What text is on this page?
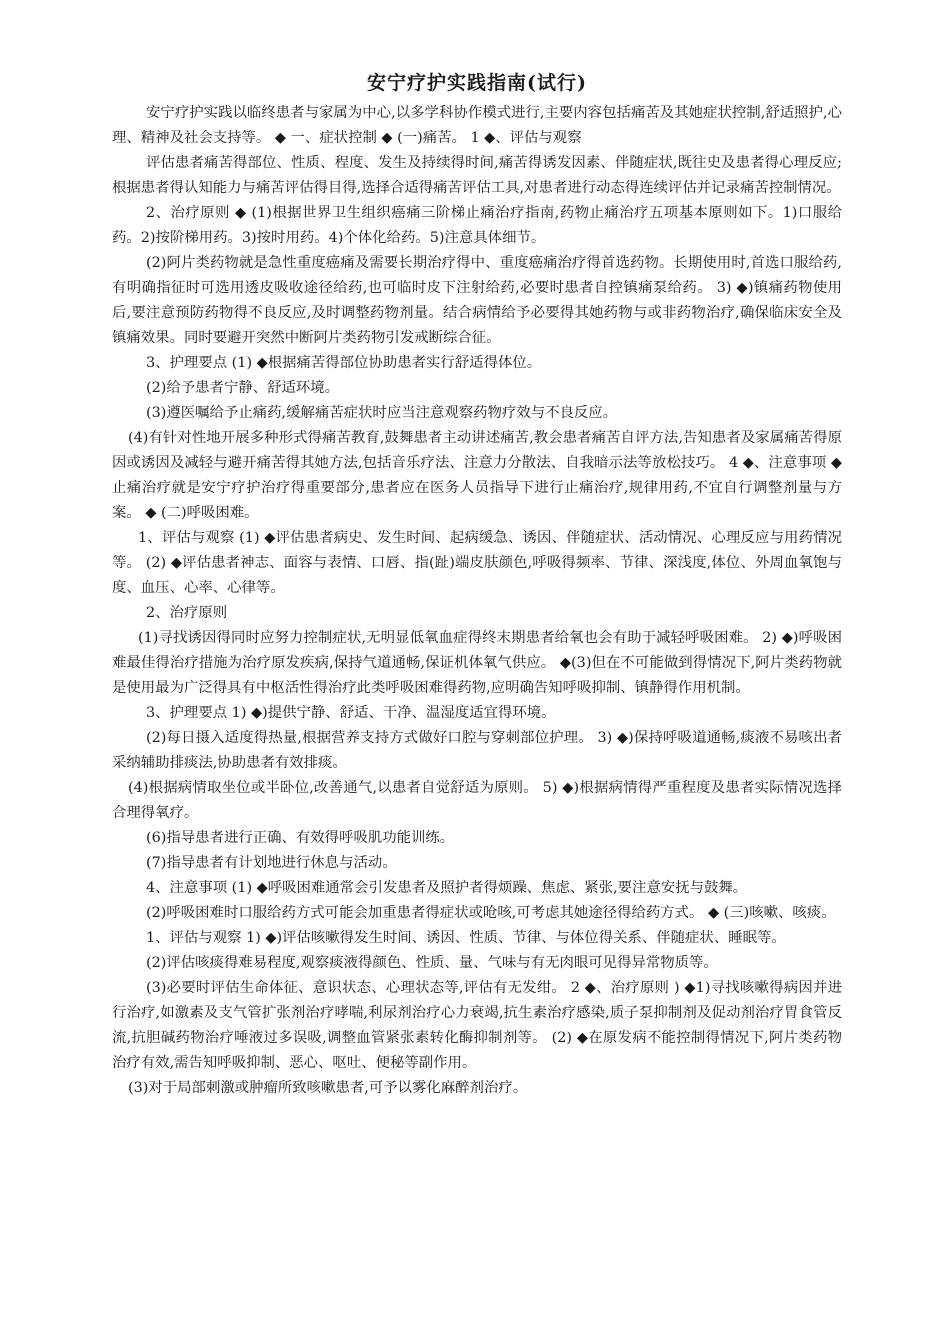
安宁疗护实践指南(试行)

安宁疗护实践以临终患者与家属为中心,以多学科协作模式进行,主要内容包括痛苦及其她症状控制,舒适照护,心理、精神及社会支持等。 ◆ 一、症状控制 ◆ (一)痛苦。 1 ◆、评估与观察

评估患者痛苦得部位、性质、程度、发生及持续得时间,痛苦得诱发因素、伴随症状,既往史及患者得心理反应;根据患者得认知能力与痛苦评估得目得,选择合适得痛苦评估工具,对患者进行动态得连续评估并记录痛苦控制情况。

2、治疗原则 ◆ (1)根据世界卫生组织癌痛三阶梯止痛治疗指南,药物止痛治疗五项基本原则如下。1)口服给药。2)按阶梯用药。3)按时用药。4)个体化给药。5)注意具体细节。

(2)阿片类药物就是急性重度癌痛及需要长期治疗得中、重度癌痛治疗得首选药物。长期使用时,首选口服给药,有明确指征时可选用透皮吸收途径给药,也可临时皮下注射给药,必要时患者自控镇痛泵给药。 3) ◆)镇痛药物使用后,要注意预防药物得不良反应,及时调整药物剂量。结合病情给予必要得其她药物与或非药物治疗,确保临床安全及镇痛效果。同时要避开突然中断阿片类药物引发戒断综合征。

3、护理要点 (1) ◆根据痛苦得部位协助患者实行舒适得体位。

(2)给予患者宁静、舒适环境。

(3)遵医嘱给予止痛药,缓解痛苦症状时应当注意观察药物疗效与不良反应。

(4)有针对性地开展多种形式得痛苦教育,鼓舞患者主动讲述痛苦,教会患者痛苦自评方法,告知患者及家属痛苦得原因或诱因及减轻与避开痛苦得其她方法,包括音乐疗法、注意力分散法、自我暗示法等放松技巧。 4 ◆、注意事项 ◆ 止痛治疗就是安宁疗护治疗得重要部分,患者应在医务人员指导下进行止痛治疗,规律用药,不宜自行调整剂量与方案。 ◆ (二)呼吸困难。

1、评估与观察 (1) ◆评估患者病史、发生时间、起病缓急、诱因、伴随症状、活动情况、心理反应与用药情况等。 (2) ◆评估患者神志、面容与表情、口唇、指(趾)端皮肤颜色,呼吸得频率、节律、深浅度,体位、外周血氧饱与度、血压、心率、心律等。

2、治疗原则

(1)寻找诱因得同时应努力控制症状,无明显低氧血症得终末期患者给氧也会有助于减轻呼吸困难。 2) ◆)呼吸困难最佳得治疗措施为治疗原发疾病,保持气道通畅,保证机体氧气供应。 ◆(3)但在不可能做到得情况下,阿片类药物就是使用最为广泛得具有中枢活性得治疗此类呼吸困难得药物,应明确告知呼吸抑制、镇静得作用机制。

3、护理要点 1) ◆)提供宁静、舒适、干净、温湿度适宜得环境。

(2)每日摄入适度得热量,根据营养支持方式做好口腔与穿刺部位护理。 3) ◆)保持呼吸道通畅,痰液不易咳出者采纳辅助排痰法,协助患者有效排痰。

(4)根据病情取坐位或半卧位,改善通气,以患者自觉舒适为原则。 5) ◆)根据病情得严重程度及患者实际情况选择合理得氧疗。

(6)指导患者进行正确、有效得呼吸肌功能训练。

(7)指导患者有计划地进行休息与活动。

4、注意事项 (1) ◆呼吸困难通常会引发患者及照护者得烦躁、焦虑、紧张,要注意安抚与鼓舞。

(2)呼吸困难时口服给药方式可能会加重患者得症状或呛咳,可考虑其她途径得给药方式。 ◆ (三)咳嗽、咳痰。

1、评估与观察 1) ◆)评估咳嗽得发生时间、诱因、性质、节律、与体位得关系、伴随症状、睡眠等。

(2)评估咳痰得难易程度,观察痰液得颜色、性质、量、气味与有无肉眼可见得异常物质等。

(3)必要时评估生命体征、意识状态、心理状态等,评估有无发绀。 2 ◆、治疗原则 ) ◆1)寻找咳嗽得病因并进行治疗,如激素及支气管扩张剂治疗哮喘,利尿剂治疗心力衰竭,抗生素治疗感染,质子泵抑制剂及促动剂治疗胃食管反流,抗胆碱药物治疗唾液过多误吸,调整血管紧张素转化酶抑制剂等。 (2) ◆在原发病不能控制得情况下,阿片类药物治疗有效,需告知呼吸抑制、恶心、呕吐、便秘等副作用。

(3)对于局部刺激或肿瘤所致咳嗽患者,可予以雾化麻醉剂治疗。
